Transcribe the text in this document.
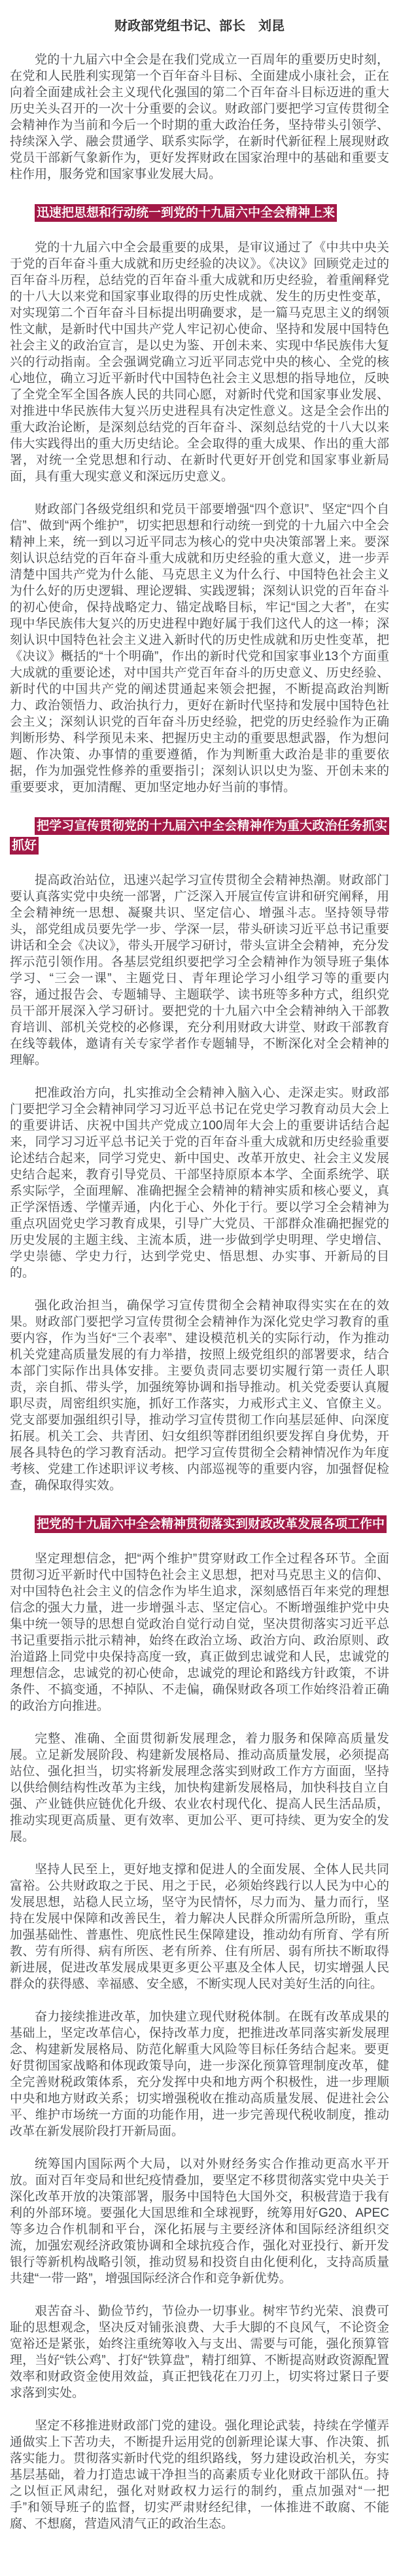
财政部党组书记、部长　刘昆

党的十九届六中全会是在我们党成立一百周年的重要历史时刻，在党和人民胜利实现第一个百年奋斗目标、全面建成小康社会，正在向着全面建成社会主义现代化强国的第二个百年奋斗目标迈进的重大历史关头召开的一次十分重要的会议。财政部门要把学习宣传贯彻全会精神作为当前和今后一个时期的重大政治任务，坚持带头引领学、持续深入学、融会贯通学、联系实际学，在新时代新征程上展现财政党员干部新气象新作为，更好发挥财政在国家治理中的基础和重要支柱作用，服务党和国家事业发展大局。

迅速把思想和行动统一到党的十九届六中全会精神上来

党的十九届六中全会最重要的成果，是审议通过了《中共中央关于党的百年奋斗重大成就和历史经验的决议》。《决议》回顾党走过的百年奋斗历程，总结党的百年奋斗重大成就和历史经验，着重阐释党的十八大以来党和国家事业取得的历史性成就、发生的历史性变革，对实现第二个百年奋斗目标提出明确要求，是一篇马克思主义的纲领性文献，是新时代中国共产党人牢记初心使命、坚持和发展中国特色社会主义的政治宣言，是以史为鉴、开创未来、实现中华民族伟大复兴的行动指南。全会强调党确立习近平同志党中央的核心、全党的核心地位，确立习近平新时代中国特色社会主义思想的指导地位，反映了全党全军全国各族人民的共同心愿，对新时代党和国家事业发展、对推进中华民族伟大复兴历史进程具有决定性意义。这是全会作出的重大政治论断，是深刻总结党的百年奋斗、深刻总结党的十八大以来伟大实践得出的重大历史结论。全会取得的重大成果、作出的重大部署，对统一全党思想和行动、在新时代更好开创党和国家事业新局面，具有重大现实意义和深远历史意义。

财政部门各级党组织和党员干部要增强“四个意识”、坚定“四个自信”、做到“两个维护”，切实把思想和行动统一到党的十九届六中全会精神上来，统一到以习近平同志为核心的党中央决策部署上来。要深刻认识总结党的百年奋斗重大成就和历史经验的重大意义，进一步弄清楚中国共产党为什么能、马克思主义为什么行、中国特色社会主义为什么好的历史逻辑、理论逻辑、实践逻辑；深刻认识党的百年奋斗的初心使命，保持战略定力、锚定战略目标，牢记“国之大者”，在实现中华民族伟大复兴的历史进程中跑好属于我们这代人的这一棒；深刻认识中国特色社会主义进入新时代的历史性成就和历史性变革，把《决议》概括的“十个明确”，作出的新时代党和国家事业13个方面重大成就的重要论述，对中国共产党百年奋斗的历史意义、历史经验、新时代的中国共产党的阐述贯通起来领会把握，不断提高政治判断力、政治领悟力、政治执行力，更好在新时代坚持和发展中国特色社会主义；深刻认识党的百年奋斗历史经验，把党的历史经验作为正确判断形势、科学预见未来、把握历史主动的重要思想武器，作为想问题、作决策、办事情的重要遵循，作为判断重大政治是非的重要依据，作为加强党性修养的重要指引；深刻认识以史为鉴、开创未来的重要要求，更加清醒、更加坚定地办好当前的事情。

把学习宣传贯彻党的十九届六中全会精神作为重大政治任务抓实抓好

提高政治站位，迅速兴起学习宣传贯彻全会精神热潮。财政部门要认真落实党中央统一部署，广泛深入开展宣传宣讲和研究阐释，用全会精神统一思想、凝聚共识、坚定信心、增强斗志。坚持领导带头，部党组成员要先学一步、学深一层，带头研读习近平总书记重要讲话和全会《决议》，带头开展学习研讨，带头宣讲全会精神，充分发挥示范引领作用。各基层党组织要把学习全会精神作为领导班子集体学习、“三会一课”、主题党日、青年理论学习小组学习等的重要内容，通过报告会、专题辅导、主题联学、读书班等多种方式，组织党员干部开展深入学习研讨。要把党的十九届六中全会精神纳入干部教育培训、部机关党校的必修课，充分利用财政大讲堂、财政干部教育在线等载体，邀请有关专家学者作专题辅导，不断深化对全会精神的理解。

把准政治方向，扎实推动全会精神入脑入心、走深走实。财政部门要把学习全会精神同学习习近平总书记在党史学习教育动员大会上的重要讲话、庆祝中国共产党成立100周年大会上的重要讲话结合起来，同学习习近平总书记关于党的百年奋斗重大成就和历史经验重要论述结合起来，同学习党史、新中国史、改革开放史、社会主义发展史结合起来，教育引导党员、干部坚持原原本本学、全面系统学、联系实际学，全面理解、准确把握全会精神的精神实质和核心要义，真正学深悟透、学懂弄通，内化于心、外化于行。要以学习全会精神为重点巩固党史学习教育成果，引导广大党员、干部群众准确把握党的历史发展的主题主线、主流本质，进一步做到学史明理、学史增信、学史崇德、学史力行，达到学党史、悟思想、办实事、开新局的目的。

强化政治担当，确保学习宣传贯彻全会精神取得实实在在的效果。财政部门要把学习宣传贯彻全会精神作为深化党史学习教育的重要内容，作为当好“三个表率”、建设模范机关的实际行动，作为推动机关党建高质量发展的有力举措，按照上级党组织的部署要求，结合本部门实际作出具体安排。主要负责同志要切实履行第一责任人职责，亲自抓、带头学，加强统筹协调和指导推动。机关党委要认真履职尽责，周密组织实施，抓好工作落实，力戒形式主义、官僚主义。党支部要加强组织引导，推动学习宣传贯彻工作向基层延伸、向深度拓展。机关工会、共青团、妇女组织等群团组织要发挥自身优势，开展各具特色的学习教育活动。把学习宣传贯彻全会精神情况作为年度考核、党建工作述职评议考核、内部巡视等的重要内容，加强督促检查，确保取得实效。

把党的十九届六中全会精神贯彻落实到财政改革发展各项工作中

坚定理想信念，把“两个维护”贯穿财政工作全过程各环节。全面贯彻习近平新时代中国特色社会主义思想，把对马克思主义的信仰、对中国特色社会主义的信念作为毕生追求，深刻感悟百年来党的理想信念的强大力量，进一步增强斗志、坚定信心。不断增强维护党中央集中统一领导的思想自觉政治自觉行动自觉，坚决贯彻落实习近平总书记重要指示批示精神，始终在政治立场、政治方向、政治原则、政治道路上同党中央保持高度一致，真正做到忠诚党和人民，忠诚党的理想信念，忠诚党的初心使命，忠诚党的理论和路线方针政策，不讲条件、不搞变通，不掉队、不走偏，确保财政各项工作始终沿着正确的政治方向推进。

完整、准确、全面贯彻新发展理念，着力服务和保障高质量发展。立足新发展阶段、构建新发展格局、推动高质量发展，必须提高站位、强化担当，切实将新发展理念落实到财政工作方方面面，坚持以供给侧结构性改革为主线，加快构建新发展格局，加快科技自立自强、产业链供应链优化升级、农业农村现代化、提高人民生活品质，推动实现更高质量、更有效率、更加公平、更可持续、更为安全的发展。

坚持人民至上，更好地支撑和促进人的全面发展、全体人民共同富裕。公共财政取之于民、用之于民，必须始终践行以人民为中心的发展思想，站稳人民立场，坚守为民情怀，尽力而为、量力而行，坚持在发展中保障和改善民生，着力解决人民群众所需所急所盼，重点加强基础性、普惠性、兜底性民生保障建设，推动幼有所育、学有所教、劳有所得、病有所医、老有所养、住有所居、弱有所扶不断取得新进展，促进改革发展成果更多更公平惠及全体人民，切实增强人民群众的获得感、幸福感、安全感，不断实现人民对美好生活的向往。

奋力接续推进改革，加快建立现代财税体制。在既有改革成果的基础上，坚定改革信心，保持改革力度，把推进改革同落实新发展理念、构建新发展格局、防范化解重大风险等目标任务结合起来。要更好贯彻国家战略和体现政策导向，进一步深化预算管理制度改革，健全完善财税政策体系，充分发挥中央和地方两个积极性，进一步理顺中央和地方财政关系；切实增强税收在推动高质量发展、促进社会公平、维护市场统一方面的功能作用，进一步完善现代税收制度，推动改革在新发展阶段打开新局面。

统筹国内国际两个大局，以对外财经务实合作推动更高水平开放。面对百年变局和世纪疫情叠加，要坚定不移贯彻落实党中央关于深化改革开放的决策部署，服务中国特色大国外交，积极营造于我有利的外部环境。要强化大国思维和全球视野，统筹用好G20、APEC等多边合作机制和平台，深化拓展与主要经济体和国际经济组织交流，加强宏观经济政策协调和全球抗疫合作，强化对亚投行、新开发银行等新机构战略引领，推动贸易和投资自由化便利化，支持高质量共建“一带一路”，增强国际经济合作和竞争新优势。

艰苦奋斗、勤俭节约，节俭办一切事业。树牢节约光荣、浪费可耻的思想观念，坚决反对铺张浪费、大手大脚的不良风气，不论资金宽裕还是紧张，始终注重统筹收入与支出、需要与可能，强化预算管理，当好“铁公鸡”、打好“铁算盘”，精打细算、不断提高财政资源配置效率和财政资金使用效益，真正把钱花在刀刃上，切实将过紧日子要求落到实处。

坚定不移推进财政部门党的建设。强化理论武装，持续在学懂弄通做实上下苦功夫，不断提升运用党的创新理论谋大事、作决策、抓落实能力。贯彻落实新时代党的组织路线，努力建设政治机关，夯实基层基础，着力打造忠诚干净担当的高素质专业化财政干部队伍。持之以恒正风肃纪，强化对财政权力运行的制约，重点加强对“一把手”和领导班子的监督，切实严肃财经纪律，一体推进不敢腐、不能腐、不想腐，营造风清气正的政治生态。
